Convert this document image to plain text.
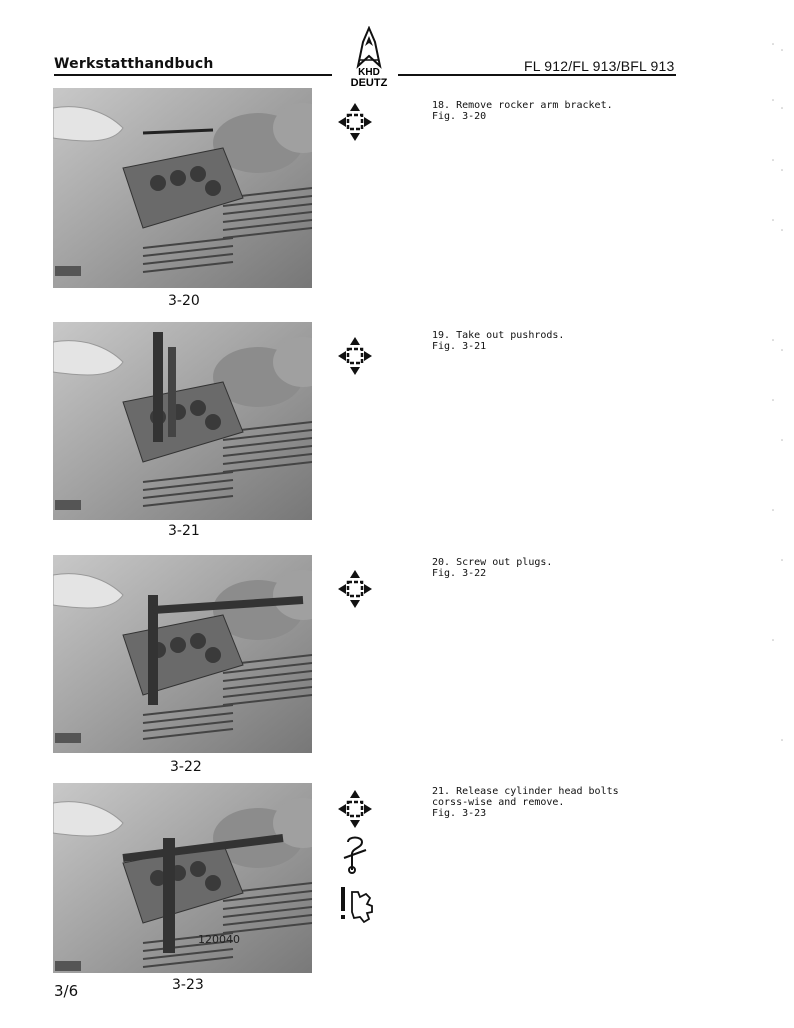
Werkstatthandbuch	FL 912/FL 913/BFL 913
KHD
DEUTZ
3-20
18. Remove rocker arm bracket.
Fig. 3-20
3-21
19. Take out pushrods.
Fig. 3-21
3-22
20. Screw out plugs.
Fig. 3-22
120040
3-23
21. Release cylinder head bolts
corss-wise and remove.
Fig. 3-23
3/6
